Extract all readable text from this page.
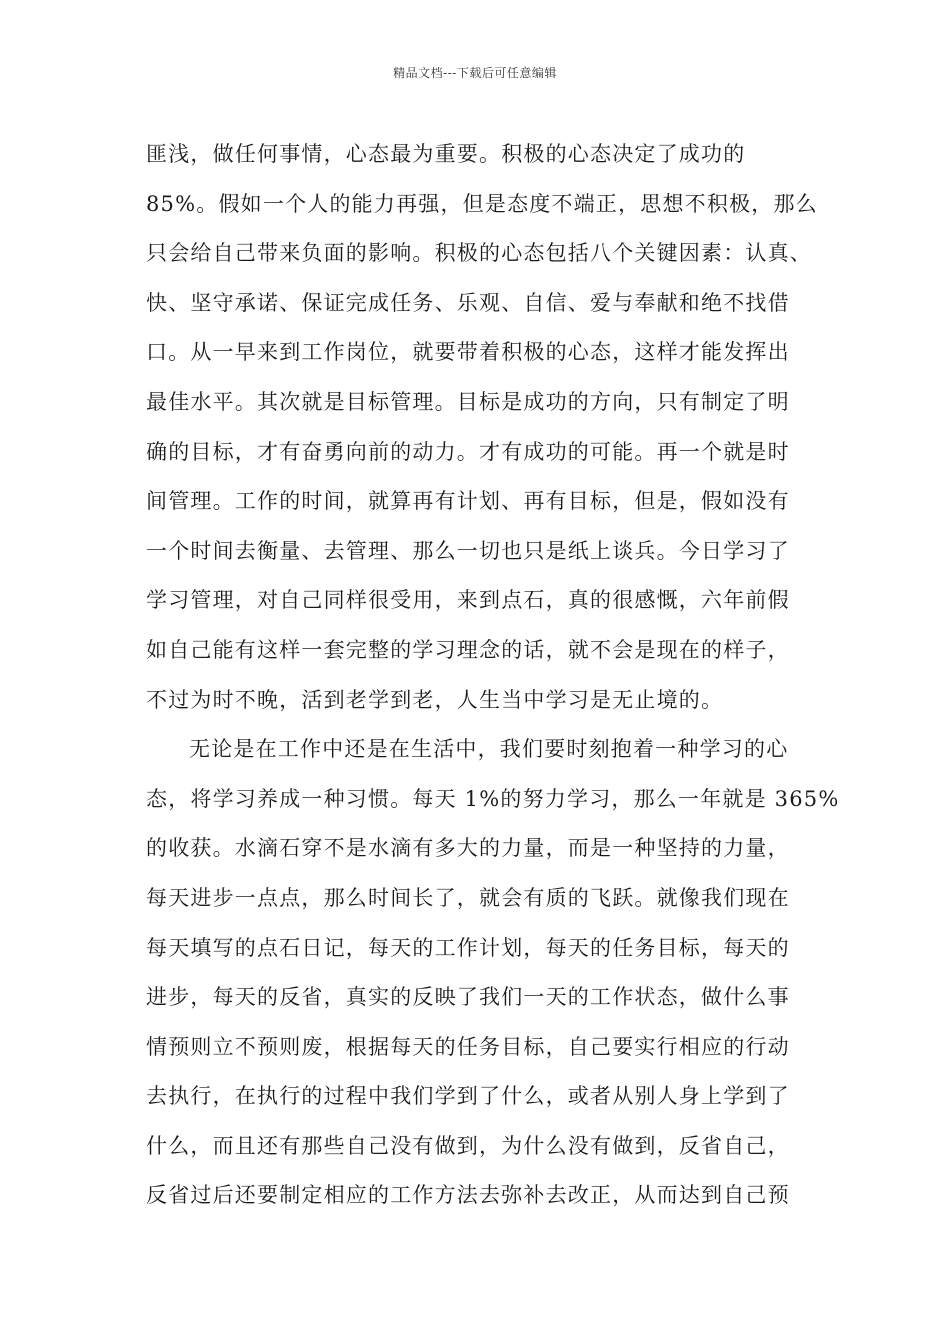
精品文档---下载后可任意编辑
匪浅，做任何事情，心态最为重要。积极的心态决定了成功的
85%。假如一个人的能力再强，但是态度不端正，思想不积极，那么
只会给自己带来负面的影响。积极的心态包括八个关键因素：认真、
快、坚守承诺、保证完成任务、乐观、自信、爱与奉献和绝不找借
口。从一早来到工作岗位，就要带着积极的心态，这样才能发挥出
最佳水平。其次就是目标管理。目标是成功的方向，只有制定了明
确的目标，才有奋勇向前的动力。才有成功的可能。再一个就是时
间管理。工作的时间，就算再有计划、再有目标，但是，假如没有
一个时间去衡量、去管理、那么一切也只是纸上谈兵。今日学习了
学习管理，对自己同样很受用，来到点石，真的很感慨，六年前假
如自己能有这样一套完整的学习理念的话，就不会是现在的样子，
不过为时不晚，活到老学到老，人生当中学习是无止境的。
无论是在工作中还是在生活中，我们要时刻抱着一种学习的心
态，将学习养成一种习惯。每天 1%的努力学习，那么一年就是 365%
的收获。水滴石穿不是水滴有多大的力量，而是一种坚持的力量，
每天进步一点点，那么时间长了，就会有质的飞跃。就像我们现在
每天填写的点石日记，每天的工作计划，每天的任务目标，每天的
进步，每天的反省，真实的反映了我们一天的工作状态，做什么事
情预则立不预则废，根据每天的任务目标，自己要实行相应的行动
去执行，在执行的过程中我们学到了什么，或者从别人身上学到了
什么，而且还有那些自己没有做到，为什么没有做到，反省自己，
反省过后还要制定相应的工作方法去弥补去改正，从而达到自己预
